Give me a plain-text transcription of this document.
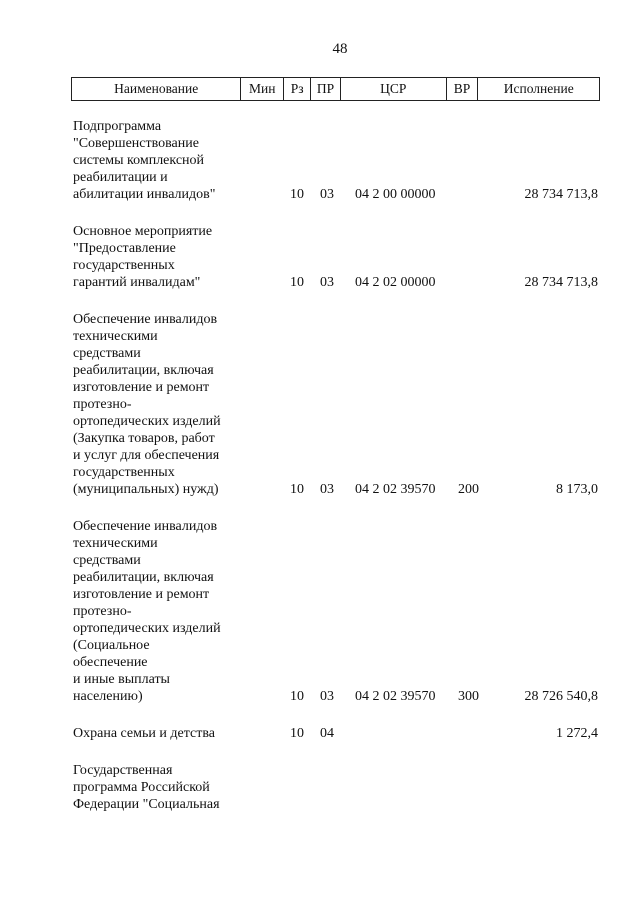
48
Наименование	Мин	Рз ПР	ЦСР	ВР	Исполнение
Подпрограмма
"Совершенствование
системы комплексной
реабилитации и
абилитации инвалидов"	10 03 04 2 00 00000	28 734 713,8
Основное мероприятие
"Предоставление
государственных
гарантий инвалидам"	10 03 04 2 02 00000	28 734 713,8
Обеспечение инвалидов
техническими
средствами
реабилитации, включая
изготовление и ремонт
протезно-
ортопедических изделий
(Закупка товаров, работ
и услуг для обеспечения
государственных
(муниципальных) нужд)	10 03 04 2 02 39570 200	8 173,0
Обеспечение инвалидов
техническими
средствами
реабилитации, включая
изготовление и ремонт
протезно-
ортопедических изделий
(Социальное
обеспечение
и иные выплаты
населению)	10 03 04 2 02 39570 300	28 726 540,8
Охрана семьи и детства	10 04	1 272,4
Государственная
программа Российской
Федерации "Социальная
